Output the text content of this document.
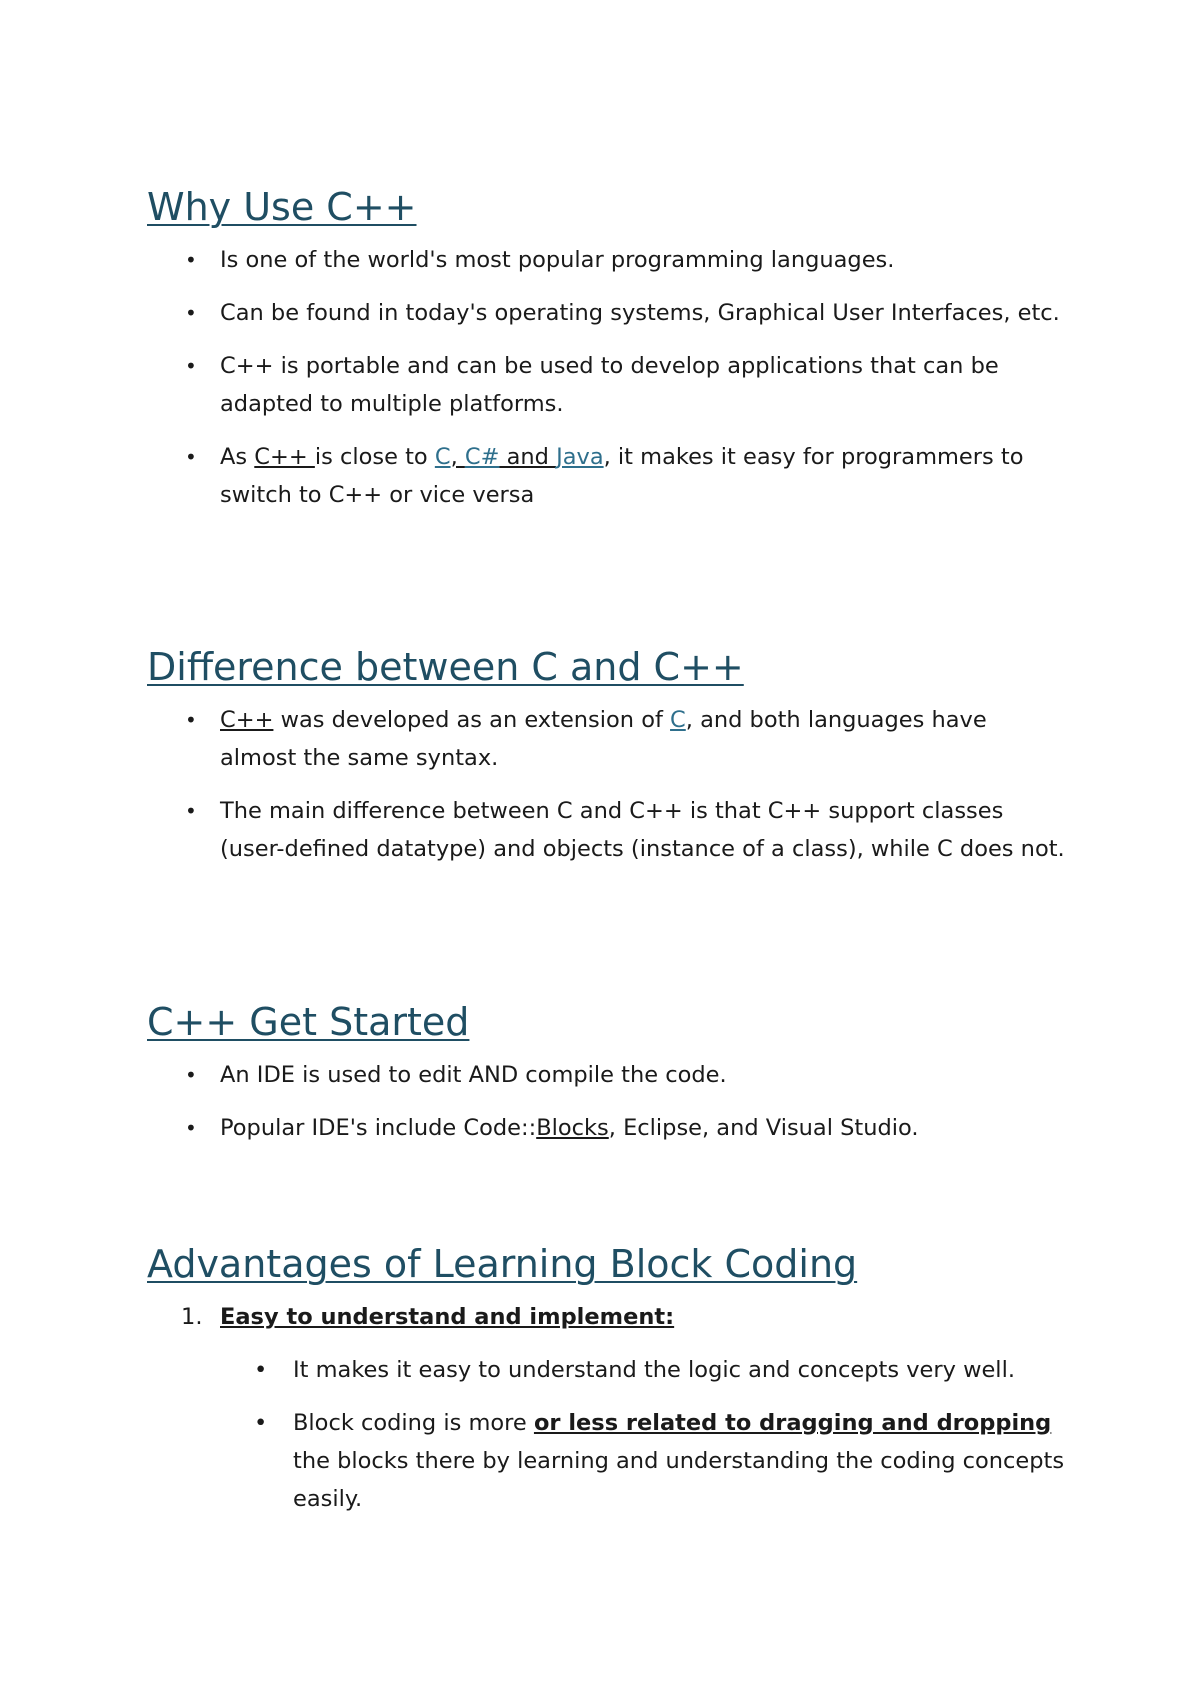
Why Use C++
• Is one of the world's most popular programming languages.
• Can be found in today's operating systems, Graphical User Interfaces, etc.
• C++ is portable and can be used to develop applications that can be adapted to multiple platforms.
• As C++ is close to C, C# and Java, it makes it easy for programmers to switch to C++ or vice versa
Difference between C and C++
• C++ was developed as an extension of C, and both languages have almost the same syntax.
• The main difference between C and C++ is that C++ support classes (user-defined datatype) and objects (instance of a class), while C does not.
C++ Get Started
• An IDE is used to edit AND compile the code.
• Popular IDE's include Code::Blocks, Eclipse, and Visual Studio.
Advantages of Learning Block Coding
1. Easy to understand and implement:
• It makes it easy to understand the logic and concepts very well.
• Block coding is more or less related to dragging and dropping the blocks there by learning and understanding the coding concepts easily.
